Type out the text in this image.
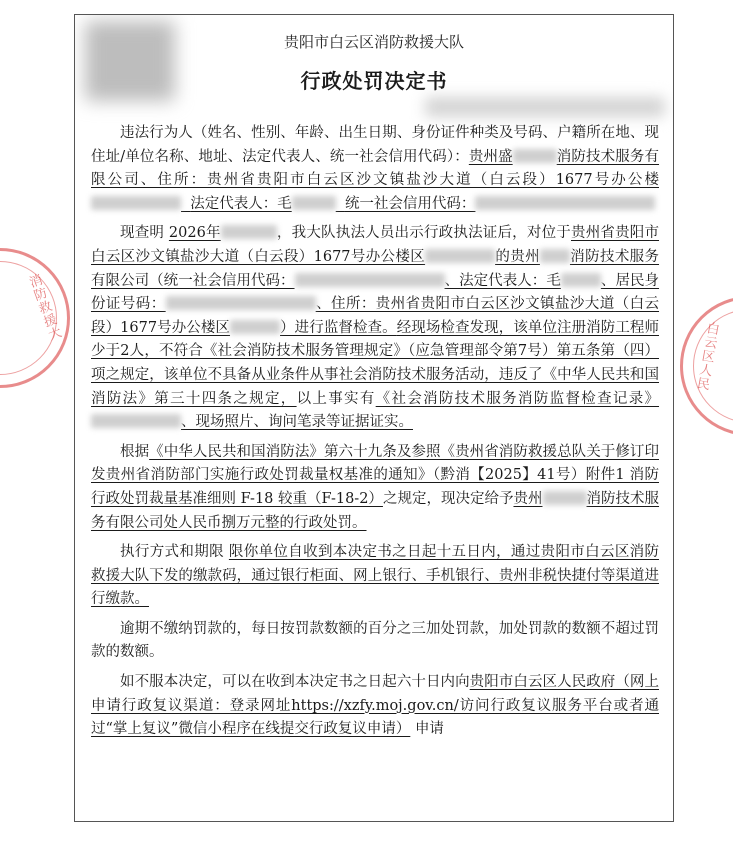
消防救援大
白云区人民
贵阳市白云区消防救援大队
行政处罚决定书

违法行为人（姓名、性别、年龄、出生日期、身份证件种类及号码、户籍所在地、现住址/单位名称、地址、法定代表人、统一社会信用代码）：贵州盛	消防技术服务有限公司、住所：贵州省贵阳市白云区沙文镇盐沙大道（白云段）1677号办公楼  法定代表人：毛	统一社会信用代码：

现查明 2026年	，我大队执法人员出示行政执法证后，对位于贵州省贵阳市白云区沙文镇盐沙大道（白云段）1677号办公楼区	的贵州 消防技术服务有限公司（统一社会信用代码：	、法定代表人：毛	、居民身份证号码：	、住所：贵州省贵阳市白云区沙文镇盐沙大道（白云段）1677号办公楼区	）进行监督检查。经现场检查发现，该单位注册消防工程师少于2人，不符合《社会消防技术服务管理规定》（应急管理部令第7号）第五条第（四）项之规定，该单位不具备从业条件从事社会消防技术服务活动，违反了《中华人民共和国消防法》第三十四条之规定，以上事实有《社会消防技术服务消防监督检查记录》、现场照片、询问笔录等证据证实。

根据《中华人民共和国消防法》第六十九条及参照《贵州省消防救援总队关于修订印发贵州省消防部门实施行政处罚裁量权基准的通知》（黔消【2025】41号）附件1 消防行政处罚裁量基准细则 F-18 较重（F-18-2）之规定，现决定给予贵州	消防技术服务有限公司处人民币捌万元整的行政处罚。

执行方式和期限 限你单位自收到本决定书之日起十五日内，通过贵阳市白云区消防救援大队下发的缴款码，通过银行柜面、网上银行、手机银行、贵州非税快捷付等渠道进行缴款。

逾期不缴纳罚款的，每日按罚款数额的百分之三加处罚款，加处罚款的数额不超过罚款的数额。

如不服本决定，可以在收到本决定书之日起六十日内向贵阳市白云区人民政府（网上申请行政复议渠道：登录网址https://xzfy.moj.gov.cn/访问行政复议服务平台或者通过“掌上复议”微信小程序在线提交行政复议申请） 申请
